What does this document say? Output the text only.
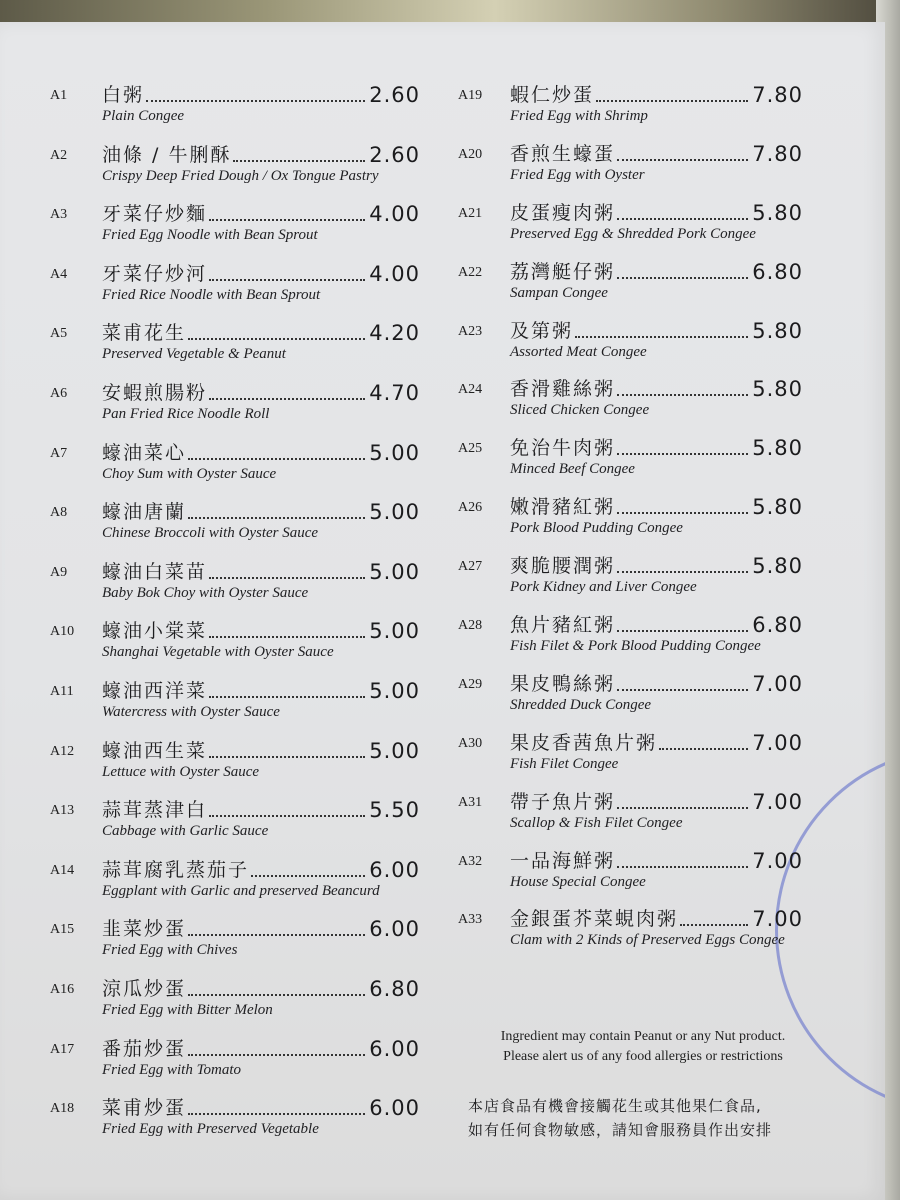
A1 白粥	2.60
Plain Congee
A2 油條 / 牛脷酥	2.60
Crispy Deep Fried Dough / Ox Tongue Pastry
A3 牙菜仔炒麵	4.00
Fried Egg Noodle with Bean Sprout
A4 牙菜仔炒河	4.00
Fried Rice Noodle with Bean Sprout
A5 菜甫花生	4.20
Preserved Vegetable & Peanut
A6 安蝦煎腸粉	4.70
Pan Fried Rice Noodle Roll
A7 蠔油菜心	5.00
Choy Sum with Oyster Sauce
A8 蠔油唐蘭	5.00
Chinese Broccoli with Oyster Sauce
A9 蠔油白菜苗	5.00
Baby Bok Choy with Oyster Sauce
A10 蠔油小棠菜	5.00
Shanghai Vegetable with Oyster Sauce
A11 蠔油西洋菜	5.00
Watercress with Oyster Sauce
A12 蠔油西生菜	5.00
Lettuce with Oyster Sauce
A13 蒜茸蒸津白	5.50
Cabbage with Garlic Sauce
A14 蒜茸腐乳蒸茄子	6.00
Eggplant with Garlic and preserved Beancurd
A15 韭菜炒蛋	6.00
Fried Egg with Chives
A16 涼瓜炒蛋	6.80
Fried Egg with Bitter Melon
A17 番茄炒蛋	6.00
Fried Egg with Tomato
A18 菜甫炒蛋	6.00
Fried Egg with Preserved Vegetable
A19 蝦仁炒蛋	7.80
Fried Egg with Shrimp
A20 香煎生蠔蛋	7.80
Fried Egg with Oyster
A21 皮蛋瘦肉粥	5.80
Preserved Egg & Shredded Pork Congee
A22 荔灣艇仔粥	6.80
Sampan Congee
A23 及第粥	5.80
Assorted Meat Congee
A24 香滑雞絲粥	5.80
Sliced Chicken Congee
A25 免治牛肉粥	5.80
Minced Beef Congee
A26 嫩滑豬紅粥	5.80
Pork Blood Pudding Congee
A27 爽脆腰潤粥	5.80
Pork Kidney and Liver Congee
A28 魚片豬紅粥	6.80
Fish Filet & Pork Blood Pudding Congee
A29 果皮鴨絲粥	7.00
Shredded Duck Congee
A30 果皮香茜魚片粥	7.00
Fish Filet Congee
A31 帶子魚片粥	7.00
Scallop & Fish Filet Congee
A32 一品海鮮粥	7.00
House Special Congee
A33 金銀蛋芥菜蜆肉粥	7.00
Clam with 2 Kinds of Preserved Eggs Congee
Ingredient may contain Peanut or any Nut product.
Please alert us of any food allergies or restrictions
本店食品有機會接觸花生或其他果仁食品,
如有任何食物敏感，請知會服務員作出安排
